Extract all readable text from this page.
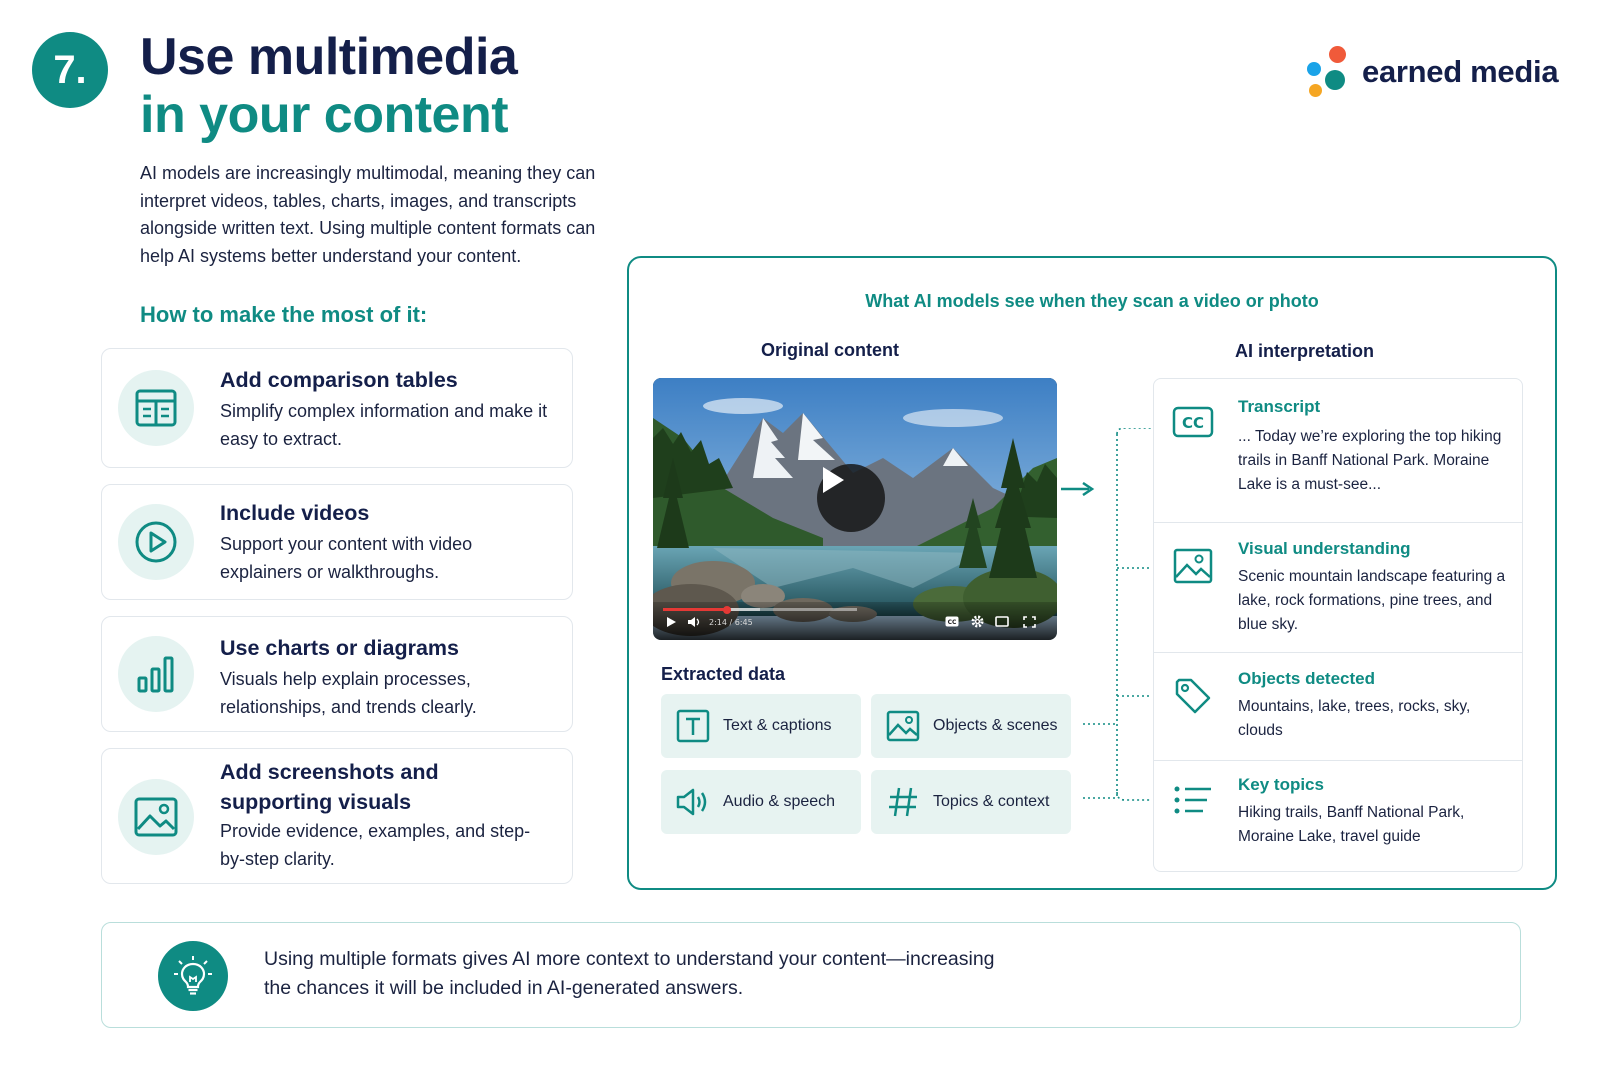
7. Use multimedia
in your content
earned media

AI models are increasingly multimodal, meaning they can interpret videos, tables, charts, images, and transcripts alongside written text. Using multiple content formats can help AI systems better understand your content.

How to make the most of it:
Add comparison tables
Simplify complex information and make it easy to extract.
Include videos
Support your content with video explainers or walkthroughs.
Use charts or diagrams
Visuals help explain processes, relationships, and trends clearly.
Add screenshots and
supporting visuals
Provide evidence, examples, and step-by-step clarity.
What AI models see when they scan a video or photo
Original content	AI interpretation
2:14 / 6:45	CC
Extracted data
Text & captions	Objects & scenes
Audio & speech	Topics & context
CC
Transcript
... Today we’re exploring the top hiking trails in Banff National Park. Moraine Lake is a must-see...
Visual understanding
Scenic mountain landscape featuring a lake, rock formations, pine trees, and blue sky.
Objects detected
Mountains, lake, trees, rocks, sky, clouds
Key topics
Hiking trails, Banff National Park, Moraine Lake, travel guide

Using multiple formats gives AI more context to understand your content—increasing the chances it will be included in AI-generated answers.
